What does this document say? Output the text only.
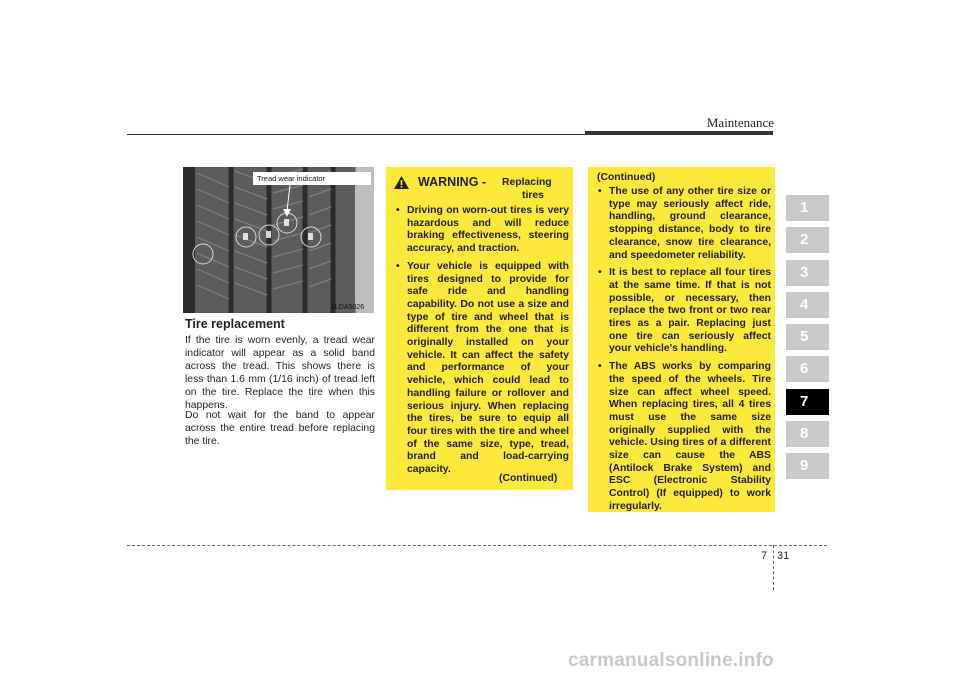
Maintenance
1
2
3
4
5
6
7
8
9
Tread wear indicator
1LDA5026
Tire replacement

If the tire is worn evenly, a tread wear indicator will appear as a solid band across the tread. This shows there is less than 1.6 mm (1/16 inch) of tread left on the tire. Replace the tire when this happens.

Do not wait for the band to appear across the entire tread before replacing the tire.

WARNING - Replacing
tires
• Driving on worn-out tires is very hazardous and will reduce braking effectiveness, steering accuracy, and traction.
• Your vehicle is equipped with tires designed to provide for safe ride and handling capability. Do not use a size and type of tire and wheel that is different from the one that is originally installed on your vehicle. It can affect the safety and performance of your vehicle, which could lead to handling failure or rollover and serious injury. When replacing the tires, be sure to equip all four tires with the tire and wheel of the same size, type, tread, brand and load-carrying capacity.
(Continued)
(Continued)
• The use of any other tire size or type may seriously affect ride, handling, ground clearance, stopping distance, body to tire clearance, snow tire clearance, and speedometer reliability.
• It is best to replace all four tires at the same time. If that is not possible, or necessary, then replace the two front or two rear tires as a pair. Replacing just one tire can seriously affect your vehicle's handling.
• The ABS works by comparing the speed of the wheels. Tire size can affect wheel speed. When replacing tires, all 4 tires must use the same size originally supplied with the vehicle. Using tires of a different size can cause the ABS (Antilock Brake System) and ESC (Electronic Stability Control) (If equipped) to work irregularly.
7 31
carmanualsonline.info
